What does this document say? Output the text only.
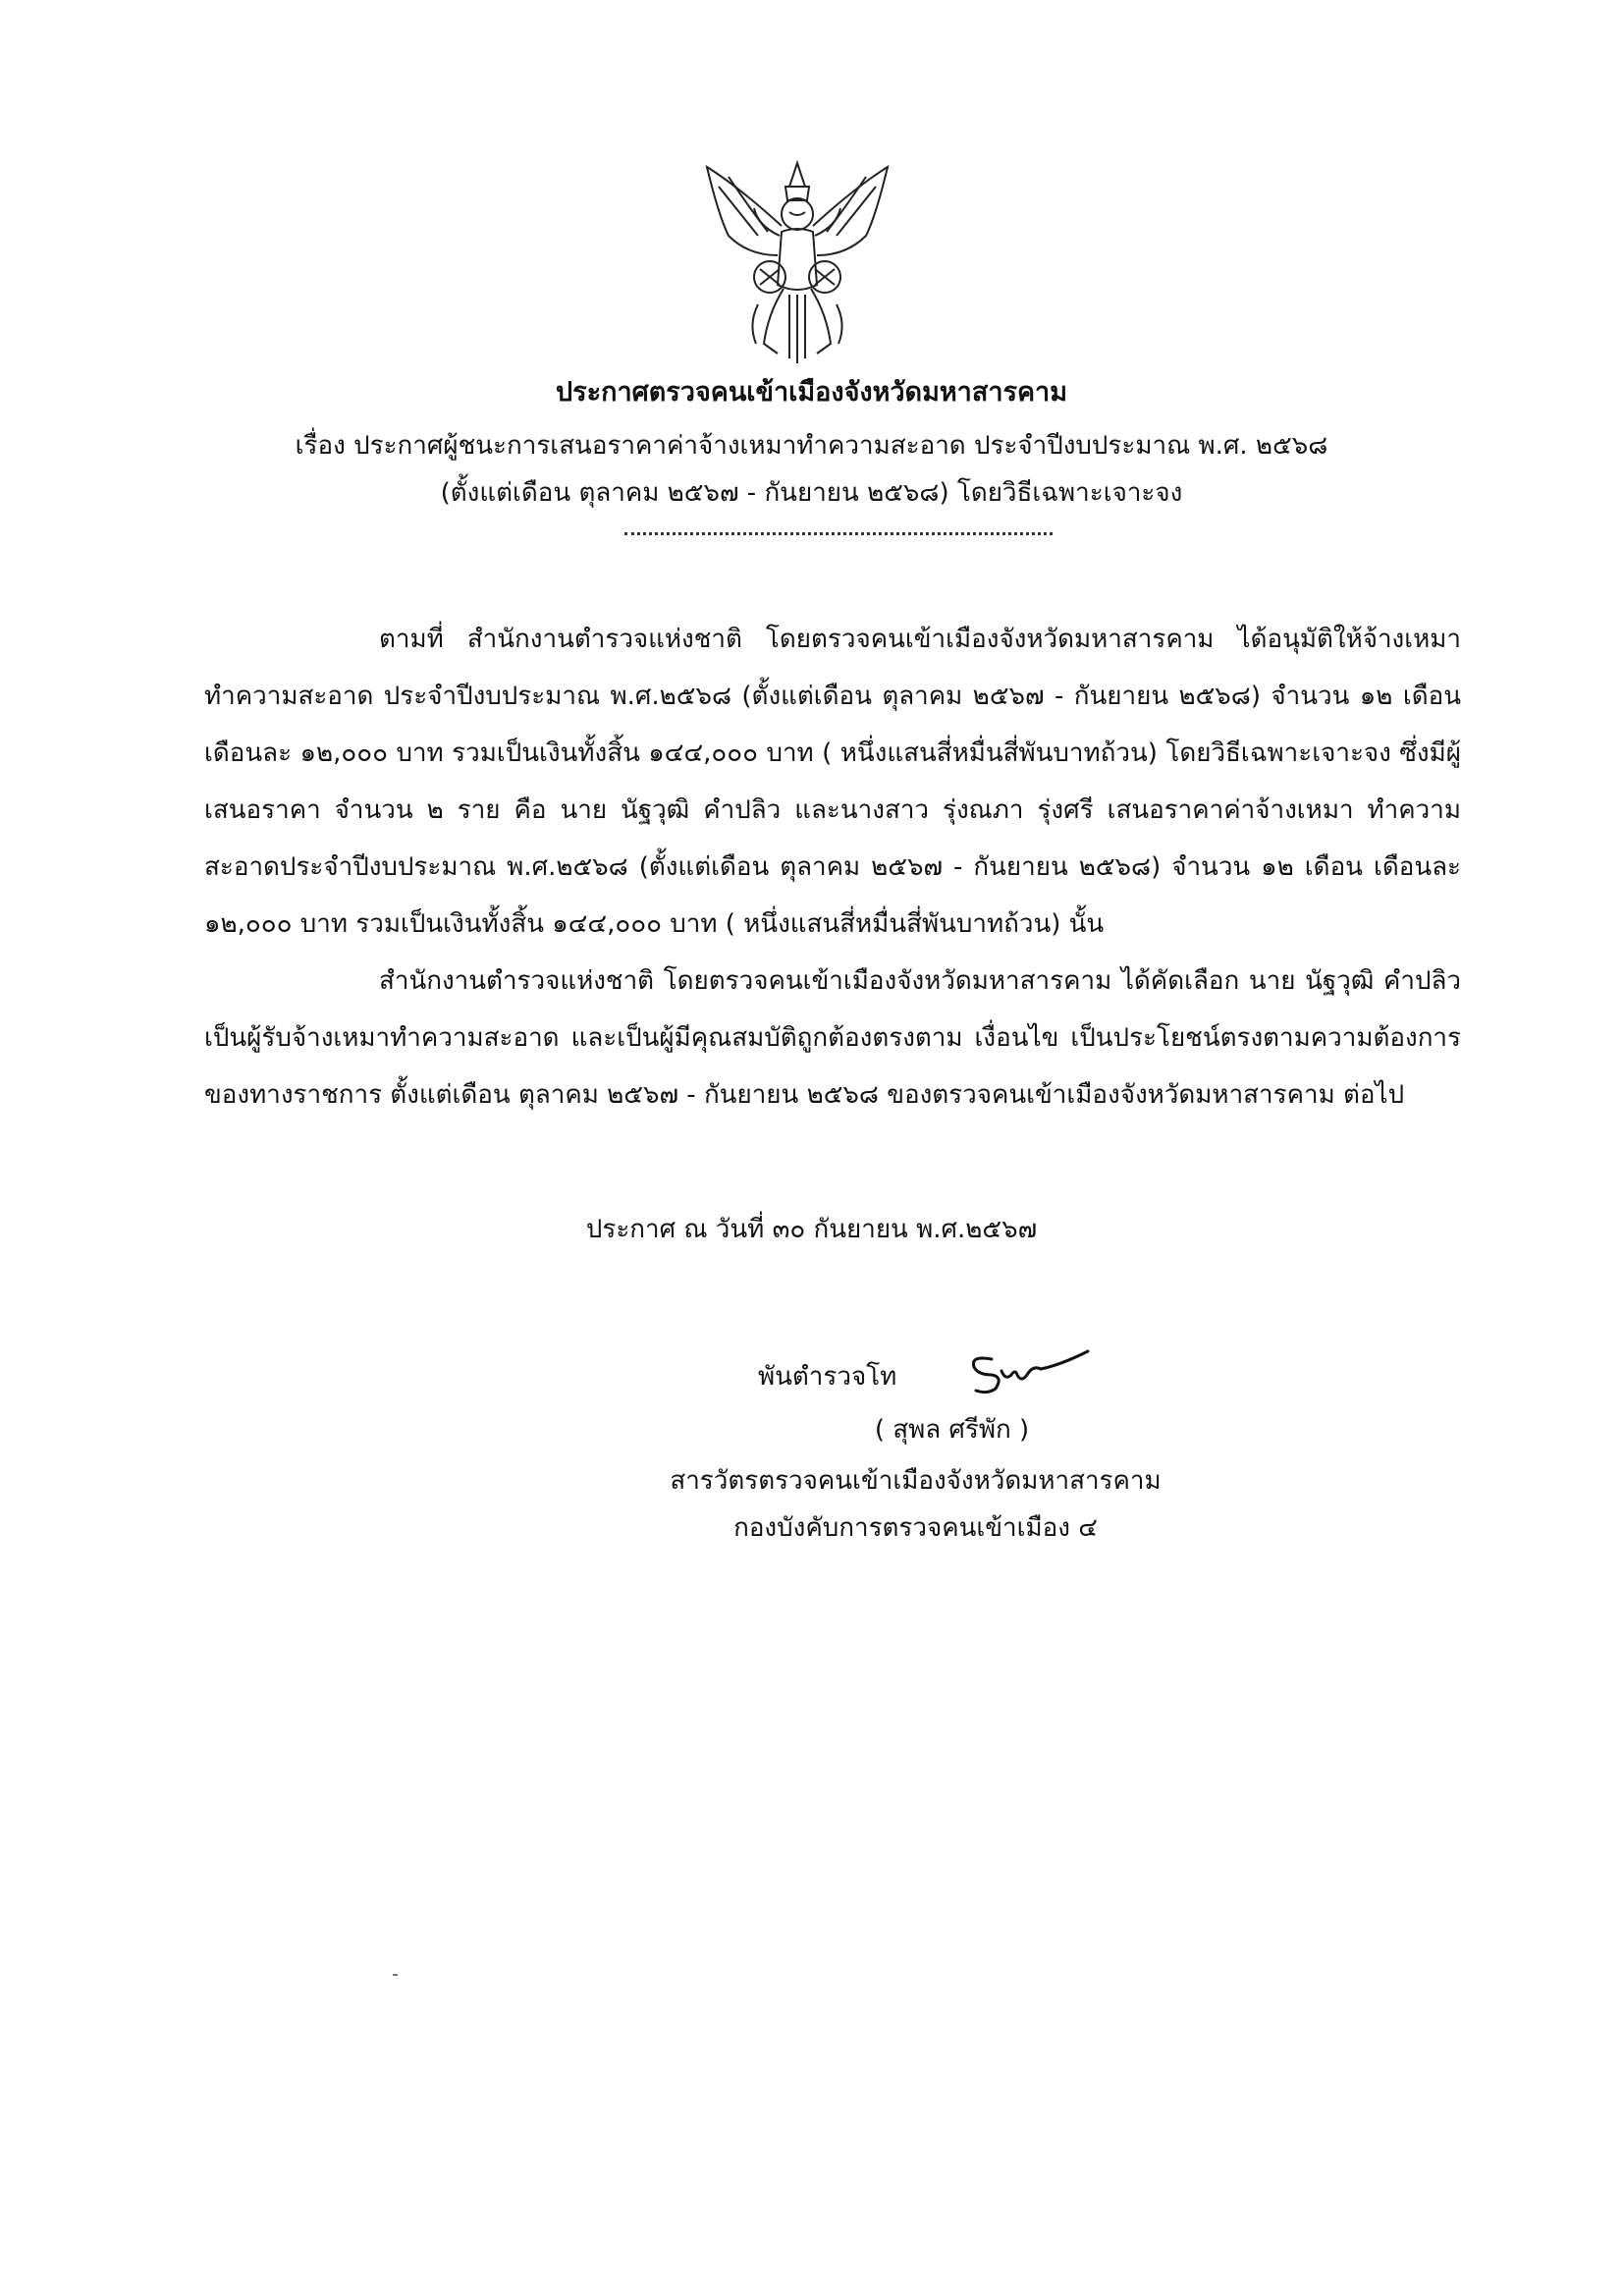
ประกาศตรวจคนเข้าเมืองจังหวัดมหาสารคาม
เรื่อง ประกาศผู้ชนะการเสนอราคาค่าจ้างเหมาทำความสะอาด ประจำปีงบประมาณ พ.ศ. ๒๕๖๘
(ตั้งแต่เดือน ตุลาคม ๒๕๖๗ - กันยายน ๒๕๖๘) โดยวิธีเฉพาะเจาะจง

ตามที่ สำนักงานตำรวจแห่งชาติ โดยตรวจคนเข้าเมืองจังหวัดมหาสารคาม ได้อนุมัติให้จ้างเหมาทำความสะอาด ประจำปีงบประมาณ พ.ศ.๒๕๖๘ (ตั้งแต่เดือน ตุลาคม ๒๕๖๗ - กันยายน ๒๕๖๘) จำนวน ๑๒ เดือน เดือนละ ๑๒,๐๐๐ บาท รวมเป็นเงินทั้งสิ้น ๑๔๔,๐๐๐ บาท ( หนึ่งแสนสี่หมื่นสี่พันบาทถ้วน) โดยวิธีเฉพาะเจาะจง ซึ่งมีผู้เสนอราคา จำนวน ๒ ราย คือ นาย นัฐวุฒิ คำปลิว และนางสาว รุ่งณภา รุ่งศรี เสนอราคาค่าจ้างเหมา ทำความสะอาดประจำปีงบประมาณ พ.ศ.๒๕๖๘ (ตั้งแต่เดือน ตุลาคม ๒๕๖๗ - กันยายน ๒๕๖๘) จำนวน ๑๒ เดือน เดือนละ ๑๒,๐๐๐ บาท รวมเป็นเงินทั้งสิ้น ๑๔๔,๐๐๐ บาท ( หนึ่งแสนสี่หมื่นสี่พันบาทถ้วน) นั้น

สำนักงานตำรวจแห่งชาติ โดยตรวจคนเข้าเมืองจังหวัดมหาสารคาม ได้คัดเลือก นาย นัฐวุฒิ คำปลิว เป็นผู้รับจ้างเหมาทำความสะอาด และเป็นผู้มีคุณสมบัติถูกต้องตรงตาม เงื่อนไข เป็นประโยชน์ตรงตามความต้องการของทางราชการ ตั้งแต่เดือน ตุลาคม ๒๕๖๗ - กันยายน ๒๕๖๘ ของตรวจคนเข้าเมืองจังหวัดมหาสารคาม ต่อไป

ประกาศ ณ วันที่ ๓๐ กันยายน พ.ศ.๒๕๖๗
พันตำรวจโท
( สุพล ศรีพัก )
สารวัตรตรวจคนเข้าเมืองจังหวัดมหาสารคาม
กองบังคับการตรวจคนเข้าเมือง ๔
